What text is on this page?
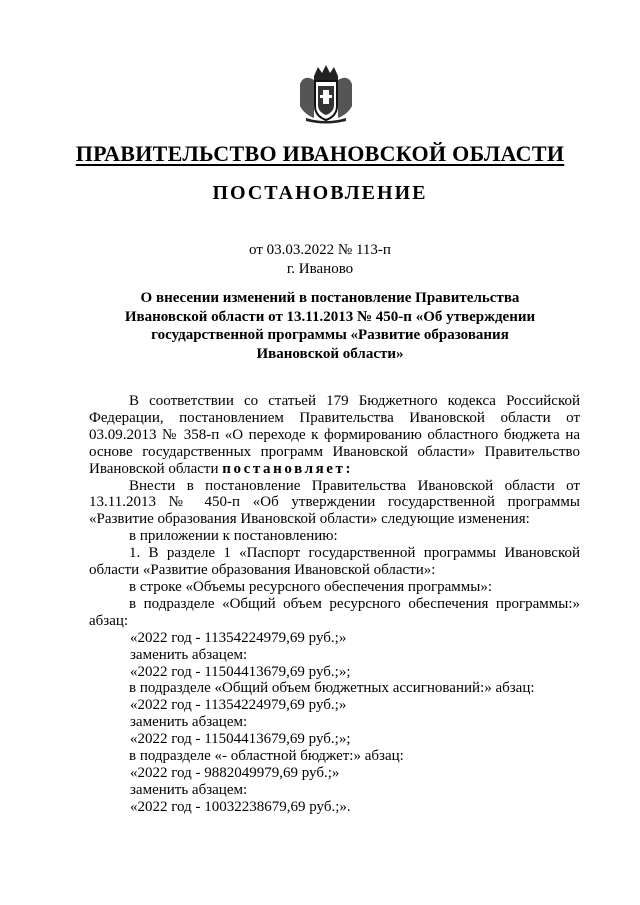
ПРАВИТЕЛЬСТВО ИВАНОВСКОЙ ОБЛАСТИ
ПОСТАНОВЛЕНИЕ
от 03.03.2022 № 113-п
г. Иваново
О внесении изменений в постановление Правительства
Ивановской области от 13.11.2013 № 450-п «Об утверждении
государственной программы «Развитие образования
Ивановской области»

В соответствии со статьей 179 Бюджетного кодекса Российской Федерации, постановлением Правительства Ивановской области от 03.09.2013 № 358-п «О переходе к формированию областного бюджета на основе государственных программ Ивановской области» Правительство Ивановской области постановляет:

Внести в постановление Правительства Ивановской области от 13.11.2013 № 450-п «Об утверждении государственной программы «Развитие образования Ивановской области» следующие изменения:

в приложении к постановлению:

1. В разделе 1 «Паспорт государственной программы Ивановской области «Развитие образования Ивановской области»:

в строке «Объемы ресурсного обеспечения программы»:

в подразделе «Общий объем ресурсного обеспечения программы:» абзац:

«2022 год - 11354224979,69 руб.;»

заменить абзацем:

«2022 год - 11504413679,69 руб.;»;

в подразделе «Общий объем бюджетных ассигнований:» абзац:

«2022 год - 11354224979,69 руб.;»

заменить абзацем:

«2022 год - 11504413679,69 руб.;»;

в подразделе «- областной бюджет:» абзац:

«2022 год - 9882049979,69 руб.;»

заменить абзацем:

«2022 год - 10032238679,69 руб.;».
